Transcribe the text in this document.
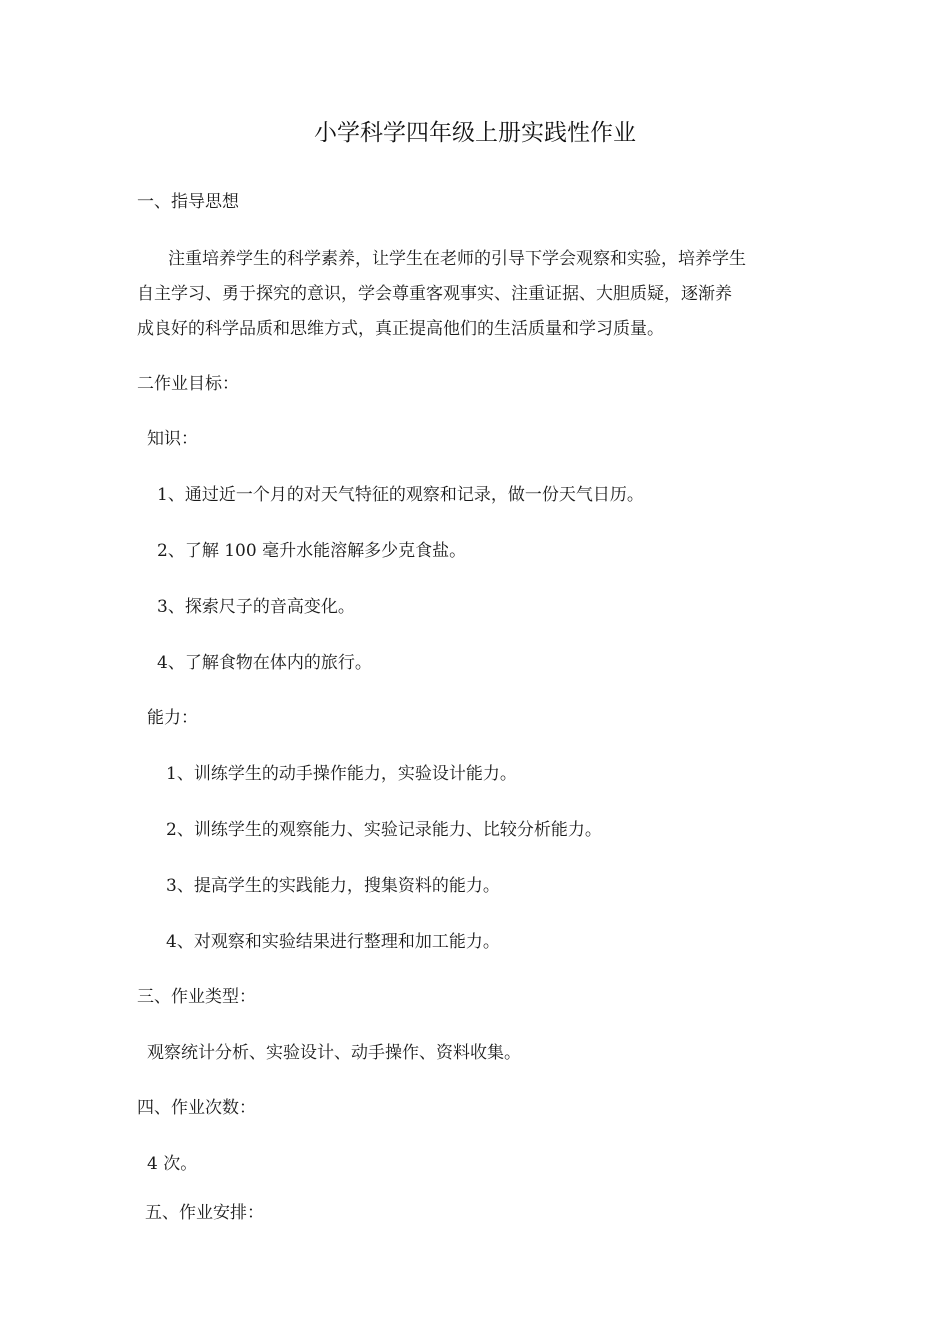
小学科学四年级上册实践性作业
一、指导思想
注重培养学生的科学素养，让学生在老师的引导下学会观察和实验，培养学生
自主学习、勇于探究的意识，学会尊重客观事实、注重证据、大胆质疑，逐渐养
成良好的科学品质和思维方式，真正提高他们的生活质量和学习质量。
二作业目标：
知识：
1、通过近一个月的对天气特征的观察和记录，做一份天气日历。
2、了解 100 毫升水能溶解多少克食盐。
3、探索尺子的音高变化。
4、了解食物在体内的旅行。
能力：
1、训练学生的动手操作能力，实验设计能力。
2、训练学生的观察能力、实验记录能力、比较分析能力。
3、提高学生的实践能力，搜集资料的能力。
4、对观察和实验结果进行整理和加工能力。
三、作业类型：
观察统计分析、实验设计、动手操作、资料收集。
四、作业次数：
4 次。
五、作业安排：
